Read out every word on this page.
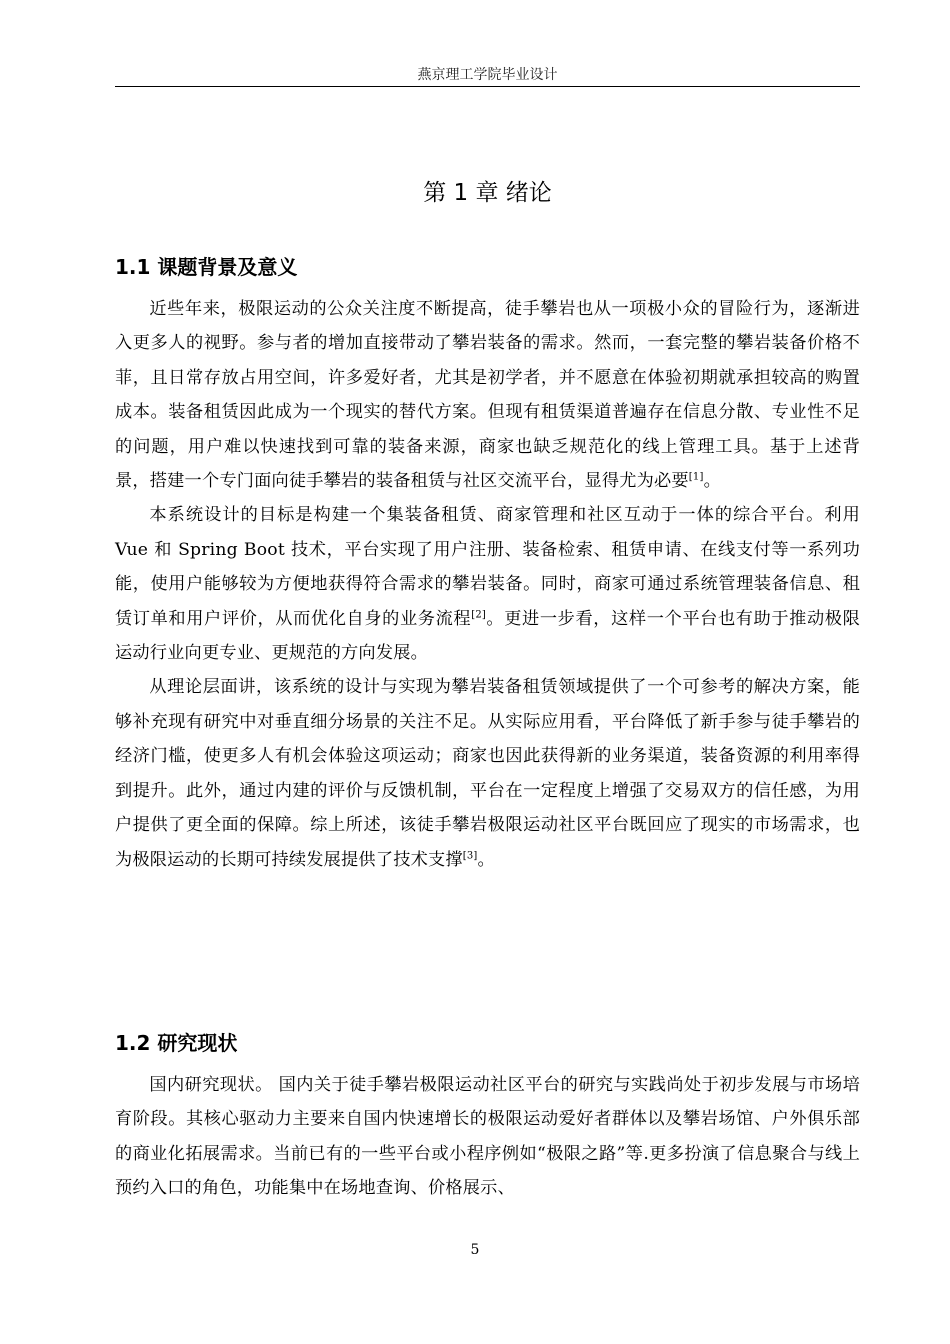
燕京理工学院毕业设计
第 1 章 绪论
1.1 课题背景及意义

近些年来，极限运动的公众关注度不断提高，徒手攀岩也从一项极小众的冒险行为，逐渐进入更多人的视野。参与者的增加直接带动了攀岩装备的需求。然而，一套完整的攀岩装备价格不菲，且日常存放占用空间，许多爱好者，尤其是初学者，并不愿意在体验初期就承担较高的购置成本。装备租赁因此成为一个现实的替代方案。但现有租赁渠道普遍存在信息分散、专业性不足的问题，用户难以快速找到可靠的装备来源，商家也缺乏规范化的线上管理工具。基于上述背景，搭建一个专门面向徒手攀岩的装备租赁与社区交流平台，显得尤为必要[1]。

本系统设计的目标是构建一个集装备租赁、商家管理和社区互动于一体的综合平台。利用 Vue 和 Spring Boot 技术，平台实现了用户注册、装备检索、租赁申请、在线支付等一系列功能，使用户能够较为方便地获得符合需求的攀岩装备。同时，商家可通过系统管理装备信息、租赁订单和用户评价，从而优化自身的业务流程[2]。更进一步看，这样一个平台也有助于推动极限运动行业向更专业、更规范的方向发展。

从理论层面讲，该系统的设计与实现为攀岩装备租赁领域提供了一个可参考的解决方案，能够补充现有研究中对垂直细分场景的关注不足。从实际应用看，平台降低了新手参与徒手攀岩的经济门槛，使更多人有机会体验这项运动；商家也因此获得新的业务渠道，装备资源的利用率得到提升。此外，通过内建的评价与反馈机制，平台在一定程度上增强了交易双方的信任感，为用户提供了更全面的保障。综上所述，该徒手攀岩极限运动社区平台既回应了现实的市场需求，也为极限运动的长期可持续发展提供了技术支撑[3]。

1.2 研究现状

国内研究现状。 国内关于徒手攀岩极限运动社区平台的研究与实践尚处于初步发展与市场培育阶段。其核心驱动力主要来自国内快速增长的极限运动爱好者群体以及攀岩场馆、户外俱乐部的商业化拓展需求。当前已有的一些平台或小程序例如“极限之路”等.更多扮演了信息聚合与线上预约入口的角色，功能集中在场地查询、价格展示、

5
